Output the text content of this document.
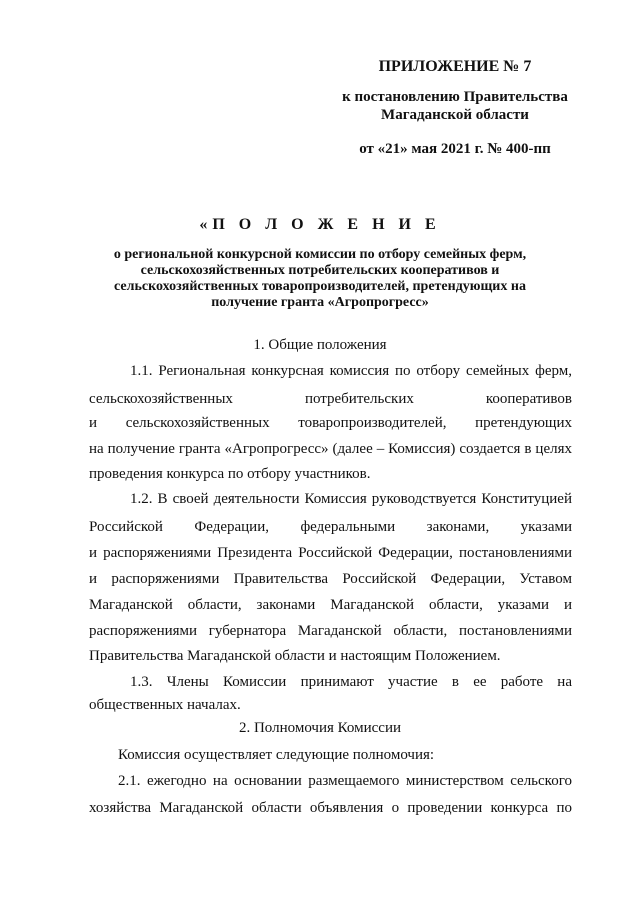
ПРИЛОЖЕНИЕ № 7
к постановлению Правительства
Магаданской области
от «21» мая 2021 г. № 400-пп
«П О Л О Ж Е Н И Е
о региональной конкурсной комиссии по отбору семейных ферм,
сельскохозяйственных потребительских кооперативов и
сельскохозяйственных товаропроизводителей, претендующих на
получение гранта «Агропрогресс»
1. Общие положения
1.1. Региональная конкурсная комиссия по отбору семейных ферм,
сельскохозяйственных потребительских кооперативов
и сельскохозяйственных товаропроизводителей, претендующих
на получение гранта «Агропрогресс» (далее – Комиссия) создается в целях
проведения конкурса по отбору участников.
1.2. В своей деятельности Комиссия руководствуется Конституцией
Российской Федерации, федеральными законами, указами
и распоряжениями Президента Российской Федерации, постановлениями
и распоряжениями Правительства Российской Федерации, Уставом
Магаданской области, законами Магаданской области, указами и
распоряжениями губернатора Магаданской области, постановлениями
Правительства Магаданской области и настоящим Положением.
1.3. Члены Комиссии принимают участие в ее работе на
общественных началах.
2. Полномочия Комиссии
Комиссия осуществляет следующие полномочия:
2.1. ежегодно на основании размещаемого министерством сельского
хозяйства Магаданской области объявления о проведении конкурса по
